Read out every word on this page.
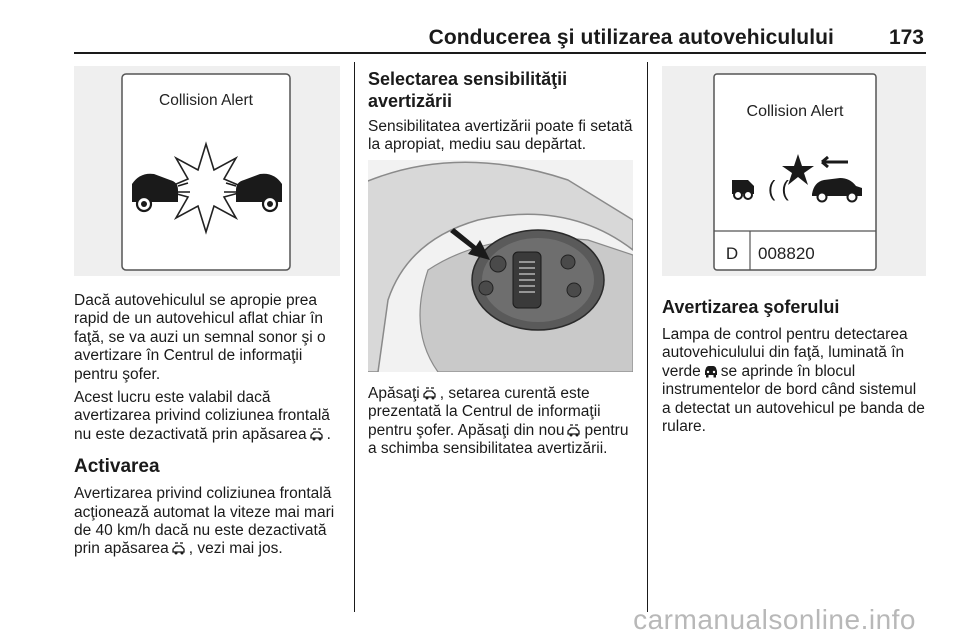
Conducerea şi utilizarea autovehiculului	173
Collision Alert

Dacă autovehiculul se apropie prea rapid de un autovehicul aflat chiar în faţă, se va auzi un semnal sonor şi o avertizare în Centrul de informaţii pentru şofer.

Acest lucru este valabil dacă avertizarea privind coliziunea frontală nu este dezactivată prin apăsarea .

Activarea

Avertizarea privind coliziunea frontală acţionează automat la viteze mai mari de 40 km/h dacă nu este dezactivată prin apăsarea , vezi mai jos.

Selectarea sensibilităţii avertizării

Sensibilitatea avertizării poate fi setată la apropiat, mediu sau depărtat.

Apăsaţi , setarea curentă este prezentată la Centrul de informaţii pentru şofer. Apăsaţi din nou pentru a schimba sensibilitatea avertizării.

Collision Alert
( (
D 008820

Avertizarea şoferului

Lampa de control pentru detectarea autovehiculului din faţă, luminată în verde se aprinde în blocul instrumentelor de bord când sistemul a detectat un autovehicul pe banda de rulare.

carmanualsonline.info
